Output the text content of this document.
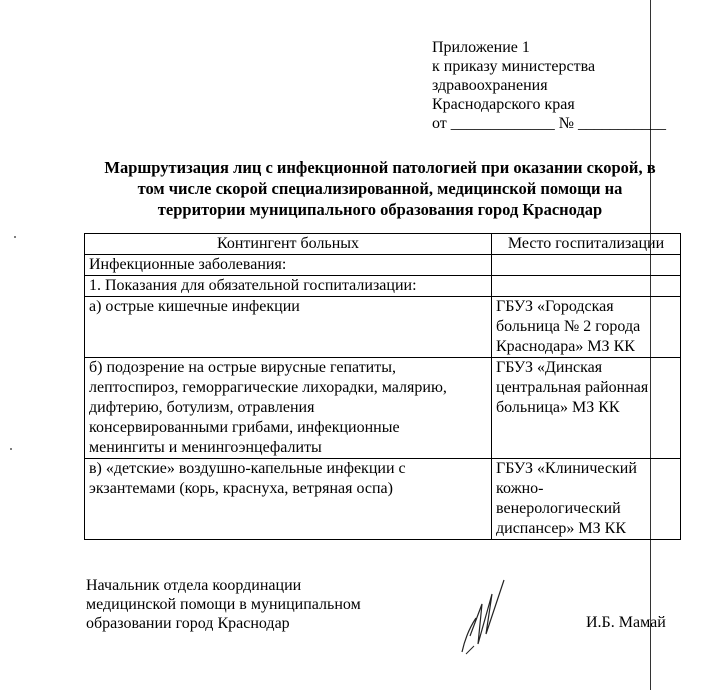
Приложение 1
к приказу министерства
здравоохранения
Краснодарского края
от _____________ № ___________
Маршрутизация лиц с инфекционной патологией при оказании скорой, в
том числе скорой специализированной, медицинской помощи на
территории муниципального образования город Краснодар
Контингент больных	Место госпитализации
Инфекционные заболевания:	
1. Показания для обязательной госпитализации:	

а) острые кишечные инфекции	ГБУЗ «Городская
больница № 2 города
Краснодара» МЗ КК

б) подозрение на острые вирусные гепатиты,
лептоспироз, геморрагические лихорадки, малярию,
дифтерию, ботулизм, отравления
консервированными грибами, инфекционные
менингиты и менингоэнцефалиты	ГБУЗ «Динская
центральная районная
больница» МЗ КК

в) «детские» воздушно-капельные инфекции с
экзантемами (корь, краснуха, ветряная оспа)	ГБУЗ «Клинический
кожно-
венерологический
диспансер» МЗ КК
Начальник отдела координации
медицинской помощи в муниципальном
образовании город Краснодар	И.Б. Мамай
